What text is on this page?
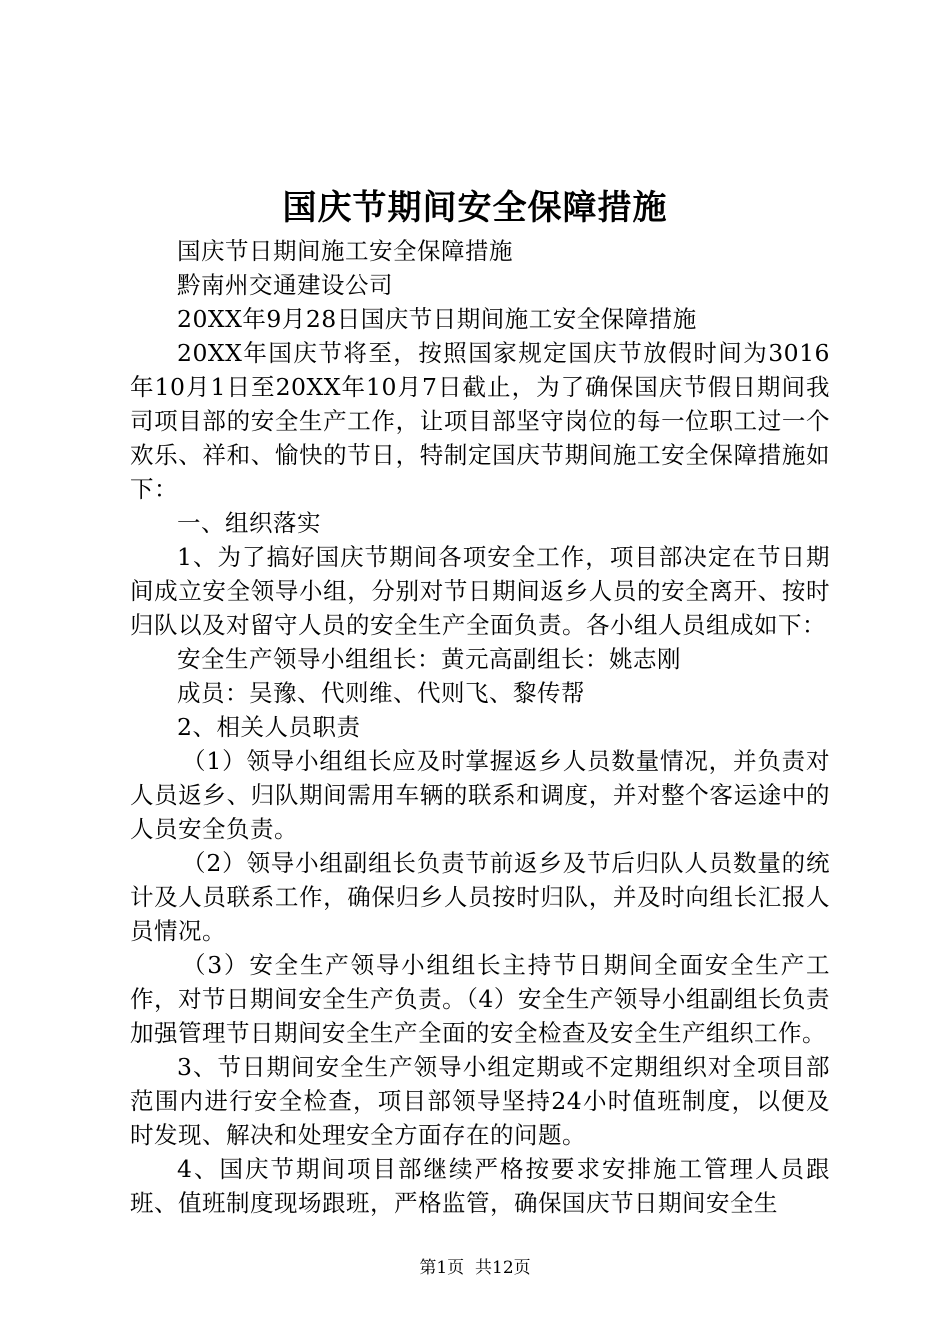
国庆节期间安全保障措施

国庆节日期间施工安全保障措施

黔南州交通建设公司

20XX年9月28日国庆节日期间施工安全保障措施

20XX年国庆节将至，按照国家规定国庆节放假时间为3016年10月1日至20XX年10月7日截止，为了确保国庆节假日期间我司项目部的安全生产工作，让项目部坚守岗位的每一位职工过一个欢乐、祥和、愉快的节日，特制定国庆节期间施工安全保障措施如下：

一、组织落实

1、为了搞好国庆节期间各项安全工作，项目部决定在节日期间成立安全领导小组，分别对节日期间返乡人员的安全离开、按时归队以及对留守人员的安全生产全面负责。各小组人员组成如下：

安全生产领导小组组长：黄元高副组长：姚志刚

成员：吴豫、代则维、代则飞、黎传帮

2、相关人员职责

（1）领导小组组长应及时掌握返乡人员数量情况，并负责对人员返乡、归队期间需用车辆的联系和调度，并对整个客运途中的人员安全负责。

（2）领导小组副组长负责节前返乡及节后归队人员数量的统计及人员联系工作，确保归乡人员按时归队，并及时向组长汇报人员情况。

（3）安全生产领导小组组长主持节日期间全面安全生产工作，对节日期间安全生产负责。（4）安全生产领导小组副组长负责加强管理节日期间安全生产全面的安全检查及安全生产组织工作。

3、节日期间安全生产领导小组定期或不定期组织对全项目部范围内进行安全检查，项目部领导坚持24小时值班制度，以便及时发现、解决和处理安全方面存在的问题。

4、国庆节期间项目部继续严格按要求安排施工管理人员跟班、值班制度现场跟班，严格监管，确保国庆节日期间安全生

第1页 共12页
